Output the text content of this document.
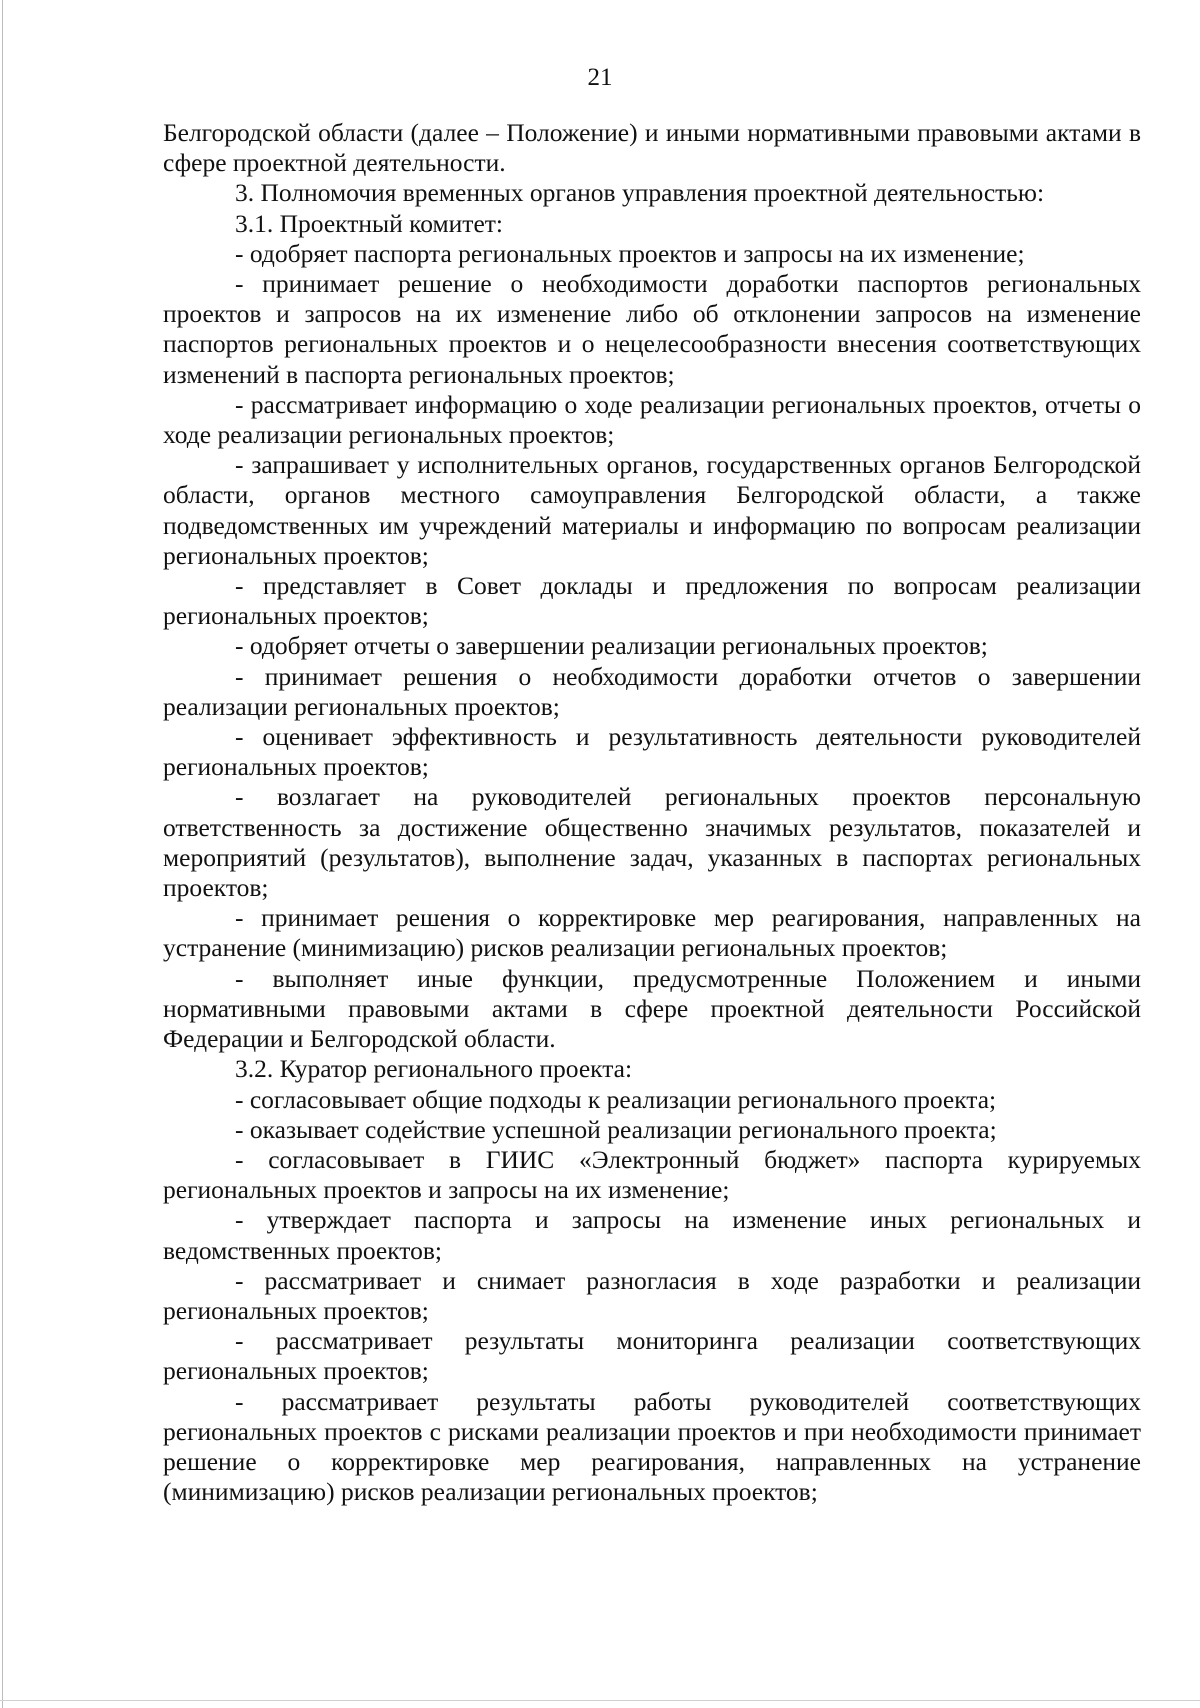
21

Белгородской области (далее – Положение) и иными нормативными правовыми актами в сфере проектной деятельности.

3. Полномочия временных органов управления проектной деятельностью:

3.1. Проектный комитет:

- одобряет паспорта региональных проектов и запросы на их изменение;

- принимает решение о необходимости доработки паспортов региональных проектов и запросов на их изменение либо об отклонении запросов на изменение паспортов региональных проектов и о нецелесообразности внесения соответствующих изменений в паспорта региональных проектов;

- рассматривает информацию о ходе реализации региональных проектов, отчеты о ходе реализации региональных проектов;

- запрашивает у исполнительных органов, государственных органов Белгородской области, органов местного самоуправления Белгородской области, а также подведомственных им учреждений материалы и информацию по вопросам реализации региональных проектов;

- представляет в Совет доклады и предложения по вопросам реализации региональных проектов;

- одобряет отчеты о завершении реализации региональных проектов;

- принимает решения о необходимости доработки отчетов о завершении реализации региональных проектов;

- оценивает эффективность и результативность деятельности руководителей региональных проектов;

- возлагает на руководителей региональных проектов персональную ответственность за достижение общественно значимых результатов, показателей и мероприятий (результатов), выполнение задач, указанных в паспортах региональных проектов;

- принимает решения о корректировке мер реагирования, направленных на устранение (минимизацию) рисков реализации региональных проектов;

- выполняет иные функции, предусмотренные Положением и иными нормативными правовыми актами в сфере проектной деятельности Российской Федерации и Белгородской области.

3.2. Куратор регионального проекта:

- согласовывает общие подходы к реализации регионального проекта;

- оказывает содействие успешной реализации регионального проекта;

- согласовывает в ГИИС «Электронный бюджет» паспорта курируемых региональных проектов и запросы на их изменение;

- утверждает паспорта и запросы на изменение иных региональных и ведомственных проектов;

- рассматривает и снимает разногласия в ходе разработки и реализации региональных проектов;

- рассматривает результаты мониторинга реализации соответствующих региональных проектов;

- рассматривает результаты работы руководителей соответствующих региональных проектов с рисками реализации проектов и при необходимости принимает решение о корректировке мер реагирования, направленных на устранение (минимизацию) рисков реализации региональных проектов;
